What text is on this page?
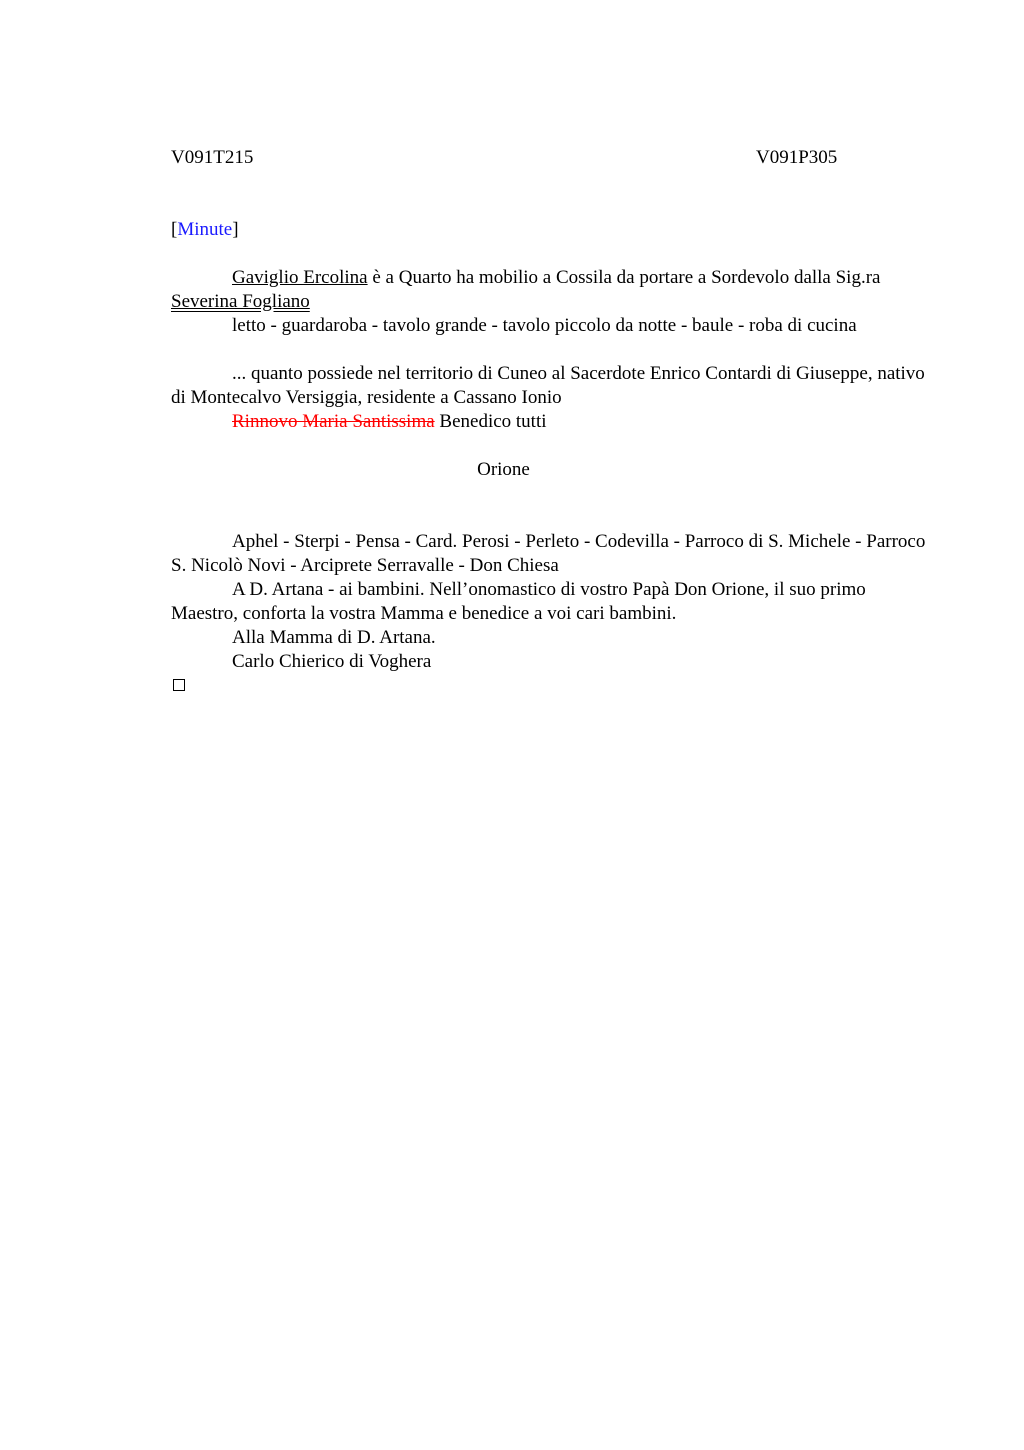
V091T215	V091P305
[Minute]

Gaviglio Ercolina è a Quarto ha mobilio a Cossila da portare a Sordevolo dalla Sig.ra Severina Fogliano

letto - guardaroba - tavolo grande - tavolo piccolo da notte - baule - roba di cucina

... quanto possiede nel territorio di Cuneo al Sacerdote Enrico Contardi di Giuseppe, nativo di Montecalvo Versiggia, residente a Cassano Ionio

Rinnovo Maria Santissima Benedico tutti

Orione

Aphel - Sterpi - Pensa - Card. Perosi - Perleto - Codevilla - Parroco di S. Michele - Parroco S. Nicolò Novi - Arciprete Serravalle - Don Chiesa

A D. Artana - ai bambini. Nell’onomastico di vostro Papà Don Orione, il suo primo Maestro, conforta la vostra Mamma e benedice a voi cari bambini.

Alla Mamma di D. Artana.

Carlo Chierico di Voghera
